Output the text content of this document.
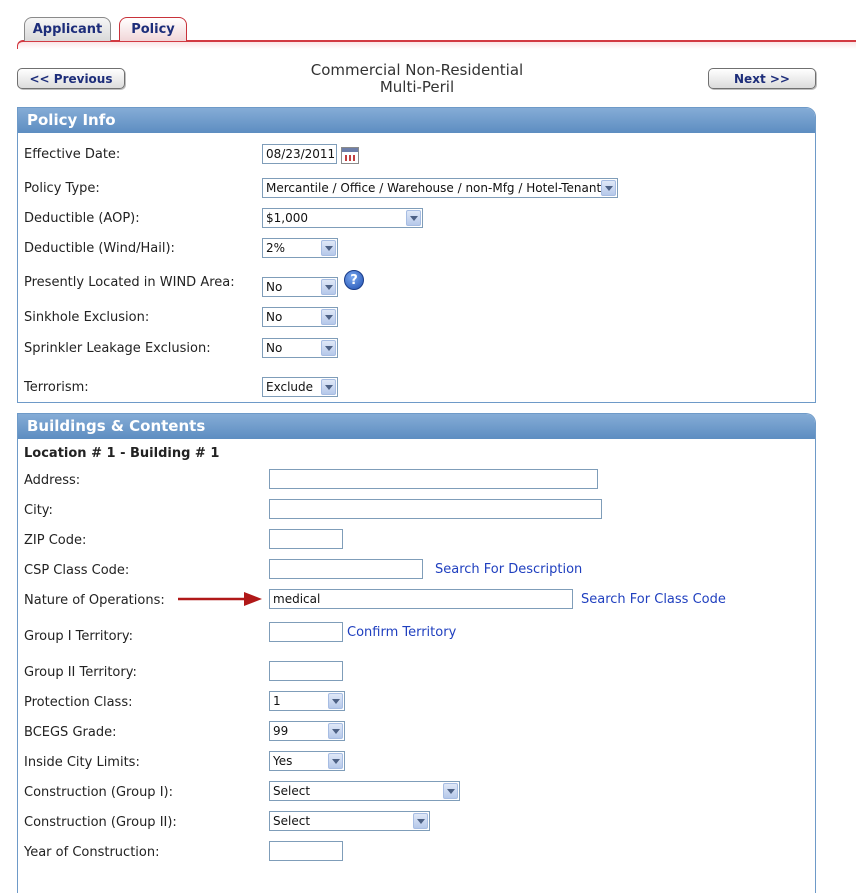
Applicant	Policy
<< Previous	Commercial Non-Residential
Multi-Peril	Next >>
Policy Info
Effective Date:	08/23/2011
Policy Type:	Mercantile / Office / Warehouse / non-Mfg / Hotel-Tenant
Deductible (AOP):	$1,000
Deductible (Wind/Hail):	2%
Presently Located in WIND Area:	No	?
Sinkhole Exclusion:	No
Sprinkler Leakage Exclusion:	No
Terrorism:	Exclude
Buildings & Contents
Location # 1 - Building # 1
Address:
City:
ZIP Code:
CSP Class Code:	Search For Description
Nature of Operations:	medical	Search For Class Code
Group I Territory:	Confirm Territory
Group II Territory:
Protection Class:	1
BCEGS Grade:	99
Inside City Limits:	Yes
Construction (Group I):	Select
Construction (Group II):	Select
Year of Construction:
